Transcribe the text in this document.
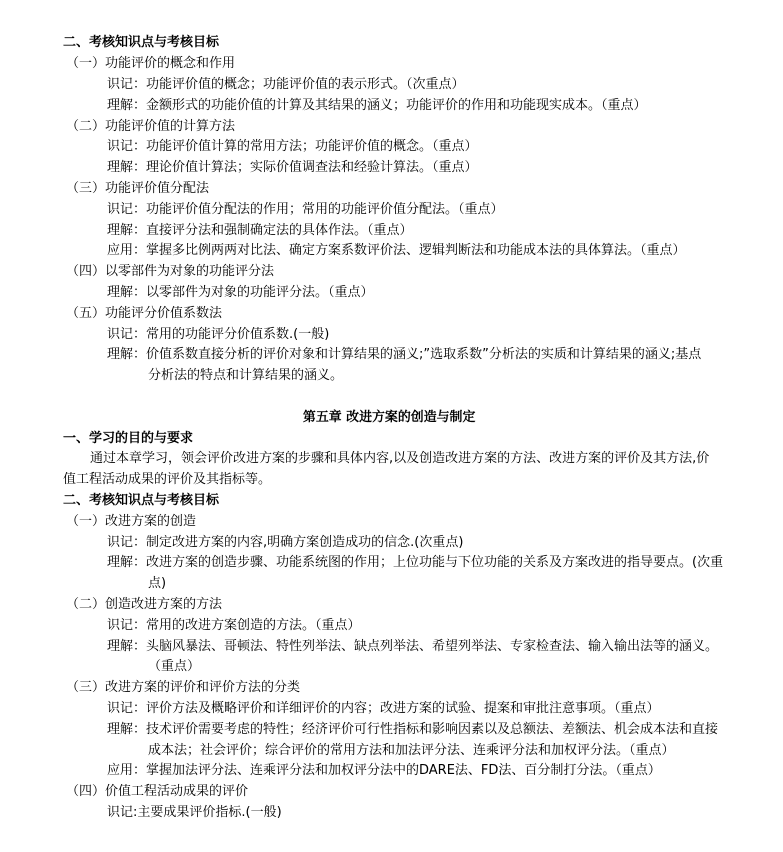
二、考核知识点与考核目标
（一）功能评价的概念和作用
识记：功能评价值的概念；功能评价值的表示形式。（次重点）
理解：金额形式的功能价值的计算及其结果的涵义；功能评价的作用和功能现实成本。（重点）
（二）功能评价值的计算方法
识记：功能评价值计算的常用方法；功能评价值的概念。（重点）
理解：理论价值计算法；实际价值调查法和经验计算法。（重点）
（三）功能评价值分配法
识记：功能评价值分配法的作用；常用的功能评价值分配法。（重点）
理解：直接评分法和强制确定法的具体作法。（重点）
应用：掌握多比例两两对比法、确定方案系数评价法、逻辑判断法和功能成本法的具体算法。（重点）
（四）以零部件为对象的功能评分法
理解：以零部件为对象的功能评分法。（重点）
（五）功能评分价值系数法
识记：常用的功能评分价值系数.(一般)
理解：价值系数直接分析的评价对象和计算结果的涵义;”选取系数”分析法的实质和计算结果的涵义;基点
分析法的特点和计算结果的涵义。
第五章 改进方案的创造与制定
一、学习的目的与要求
通过本章学习，领会评价改进方案的步骤和具体内容,以及创造改进方案的方法、改进方案的评价及其方法,价
值工程活动成果的评价及其指标等。
二、考核知识点与考核目标
（一）改进方案的创造
识记：制定改进方案的内容,明确方案创造成功的信念.(次重点)
理解：改进方案的创造步骤、功能系统图的作用；上位功能与下位功能的关系及方案改进的指导要点。(次重
点)
（二）创造改进方案的方法
识记：常用的改进方案创造的方法。（重点）
理解：头脑风暴法、哥顿法、特性列举法、缺点列举法、希望列举法、专家检查法、输入输出法等的涵义。
（重点）
（三）改进方案的评价和评价方法的分类
识记：评价方法及概略评价和详细评价的内容；改进方案的试验、提案和审批注意事项。（重点）
理解：技术评价需要考虑的特性；经济评价可行性指标和影响因素以及总额法、差额法、机会成本法和直接
成本法；社会评价；综合评价的常用方法和加法评分法、连乘评分法和加权评分法。（重点）
应用：掌握加法评分法、连乘评分法和加权评分法中的DARE法、FD法、百分制打分法。（重点）
（四）价值工程活动成果的评价
识记:主要成果评价指标.(一般)
